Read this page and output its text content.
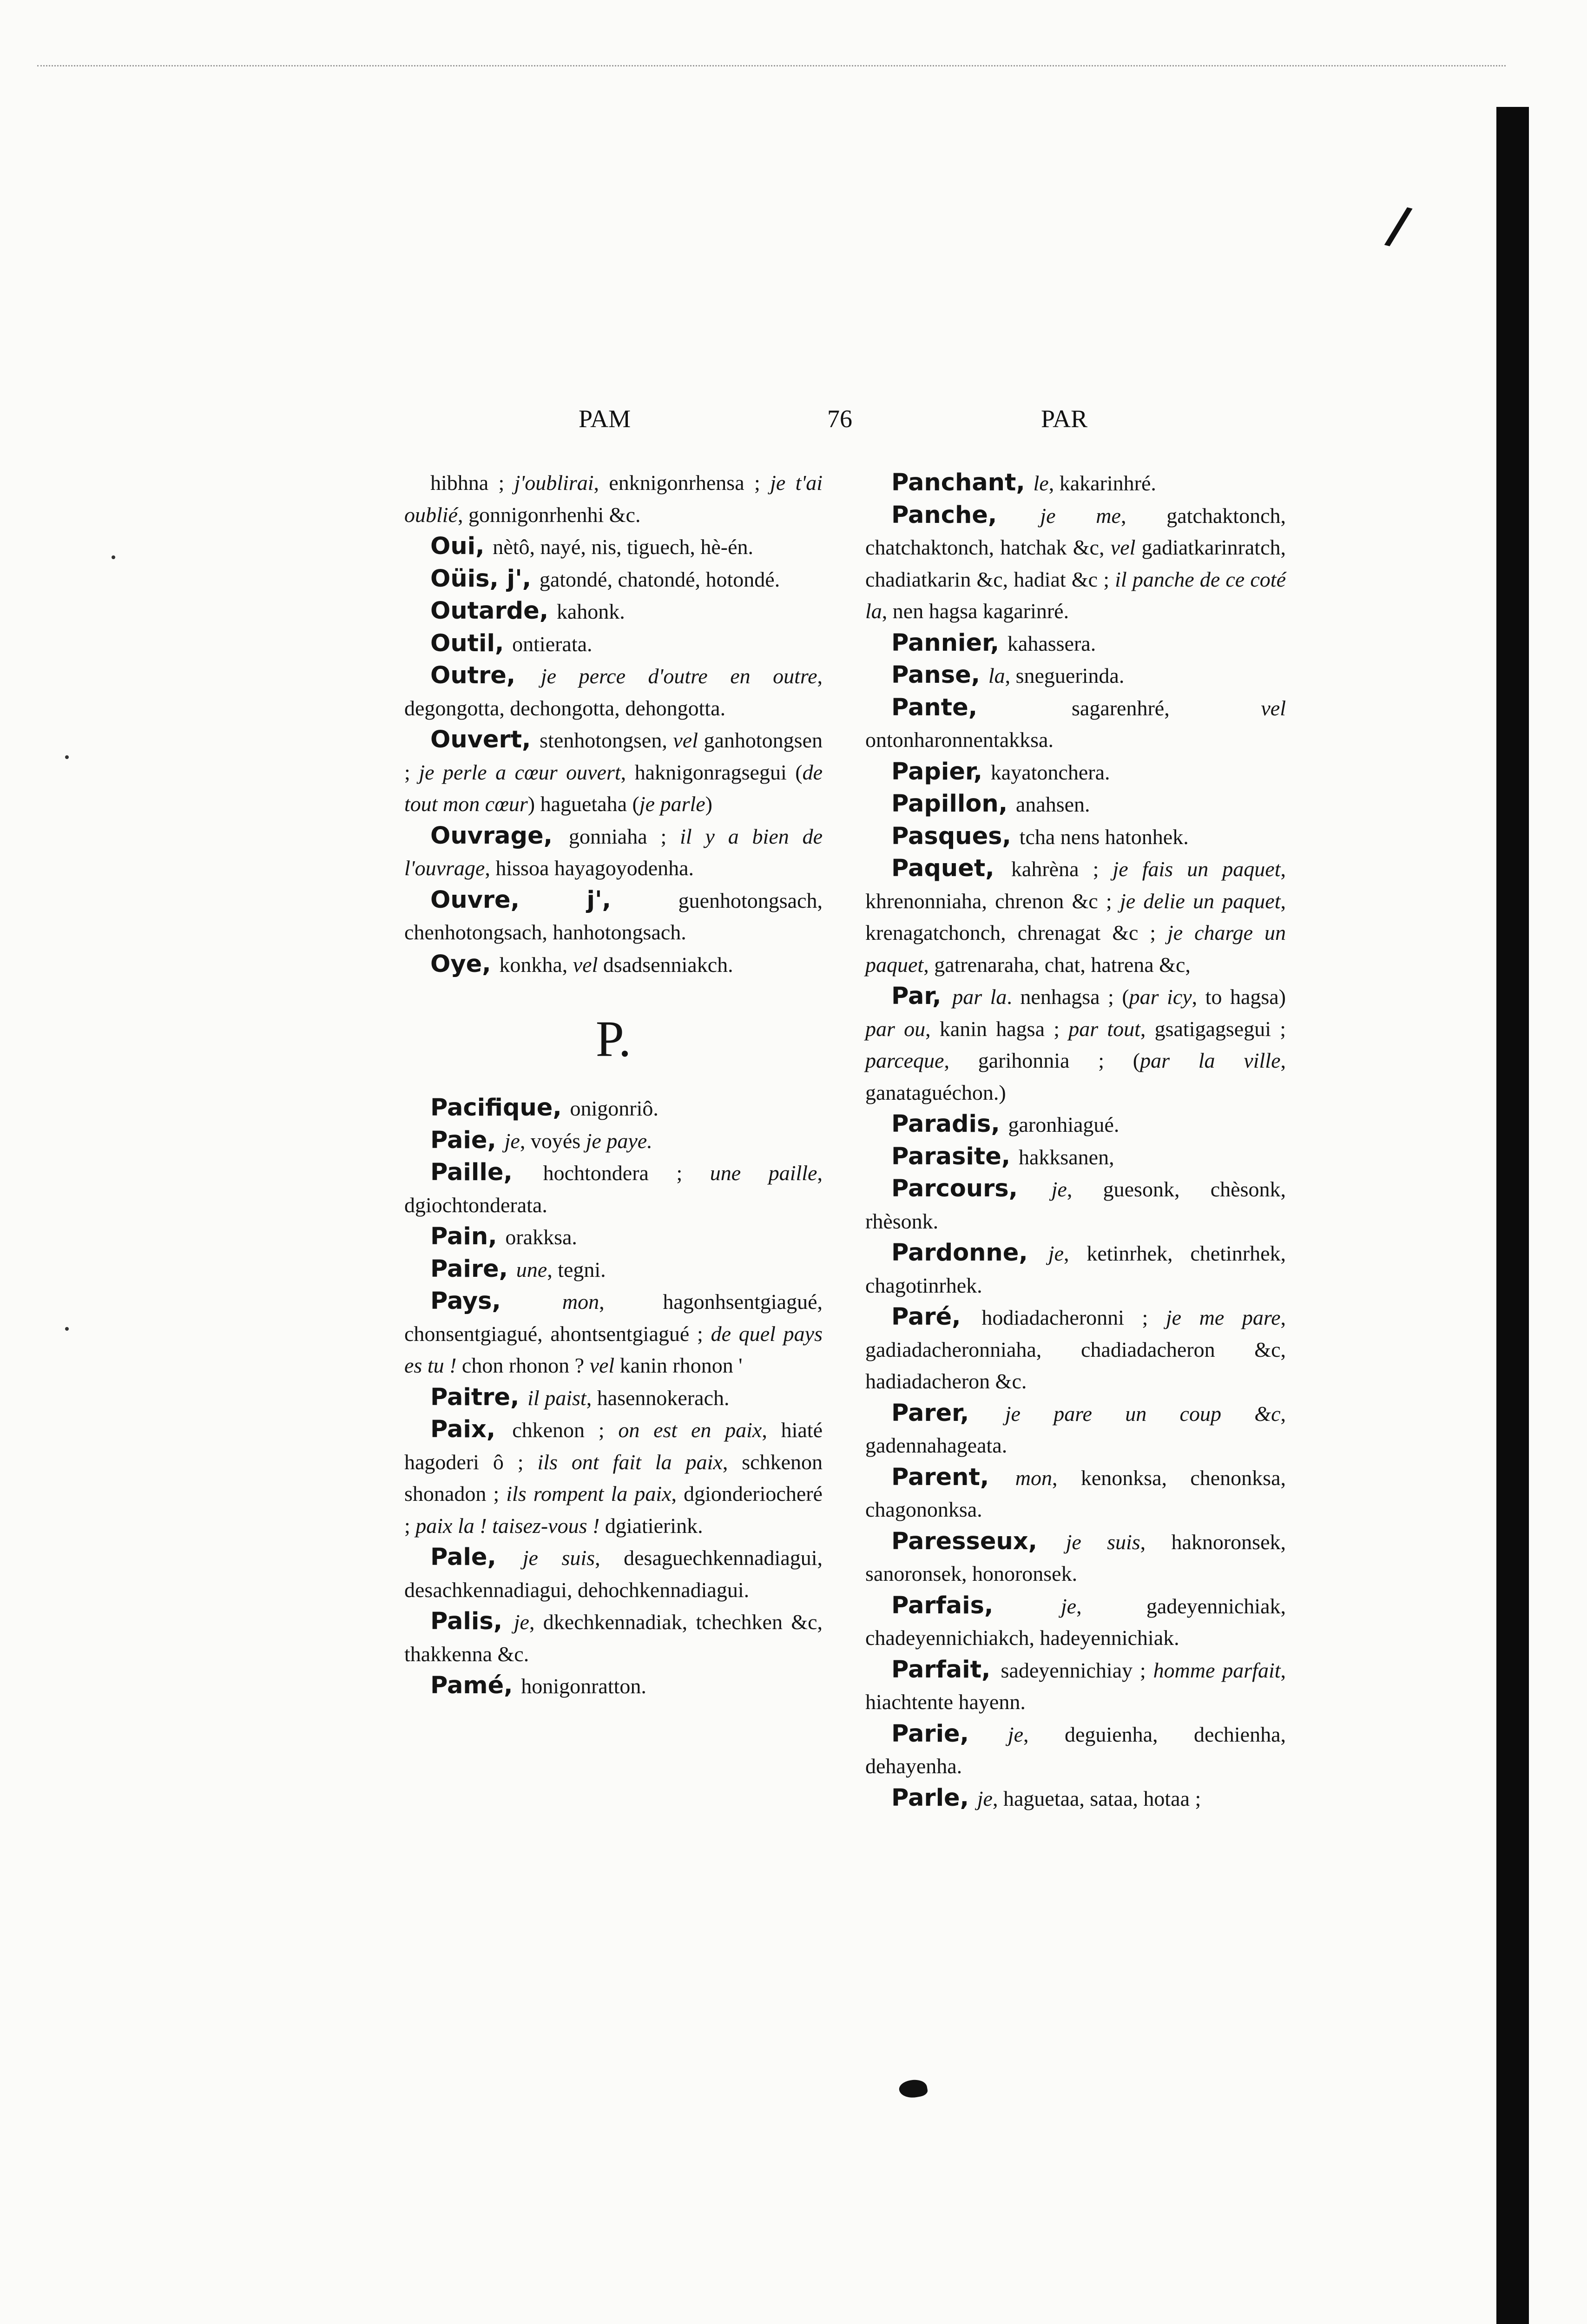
/
PAM	76	PAR

hibhna ; j'oublirai, enknigonrhensa ; je t'ai oublié, gonnigonrhenhi &c.

Oui, nètô, nayé, nis, tiguech, hè-én.

Oüis, j', gatondé, chatondé, hotondé.

Outarde, kahonk.

Outil, ontierata.

Outre, je perce d'outre en outre, degongotta, dechongotta, dehongotta.

Ouvert, stenhotongsen, vel ganhotongsen ; je perle a cœur ouvert, haknigonragsegui (de tout mon cœur) haguetaha (je parle)

Ouvrage, gonniaha ; il y a bien de l'ouvrage, hissoa hayagoyodenha.

Ouvre, j', guenhotongsach, chenhotongsach, hanhotongsach.

Oye, konkha, vel dsadsenniakch.

P.

Pacifique, onigonriô.

Paie, je, voyés je paye.

Paille, hochtondera ; une paille, dgiochtonderata.

Pain, orakksa.

Paire, une, tegni.

Pays, mon, hagonhsentgiagué, chonsentgiagué, ahontsentgiagué ; de quel pays es tu ! chon rhonon ? vel kanin rhonon '

Paitre, il paist, hasennokerach.

Paix, chkenon ; on est en paix, hiaté hagoderi ô ; ils ont fait la paix, schkenon shonadon ; ils rompent la paix, dgionderiocheré ; paix la ! taisez-vous ! dgiatierink.

Pale, je suis, desaguechkennadiagui, desachkennadiagui, dehochkennadiagui.

Palis, je, dkechkennadiak, tchechken &c, thakkenna &c.

Pamé, honigonratton.

Panchant, le, kakarinhré.

Panche, je me, gatchaktonch, chatchaktonch, hatchak &c, vel gadiatkarinratch, chadiatkarin &c, hadiat &c ; il panche de ce coté la, nen hagsa kagarinré.

Pannier, kahassera.

Panse, la, sneguerinda.

Pante, sagarenhré, vel ontonharonnentakksa.

Papier, kayatonchera.

Papillon, anahsen.

Pasques, tcha nens hatonhek.

Paquet, kahrèna ; je fais un paquet, khrenonniaha, chrenon &c ; je delie un paquet, krenagatchonch, chrenagat &c ; je charge un paquet, gatrenaraha, chat, hatrena &c,

Par, par la. nenhagsa ; (par icy, to hagsa) par ou, kanin hagsa ; par tout, gsatigagsegui ; parceque, garihonnia ; (par la ville, ganataguéchon.)

Paradis, garonhiagué.

Parasite, hakksanen,

Parcours, je, guesonk, chèsonk, rhèsonk.

Pardonne, je, ketinrhek, chetinrhek, chagotinrhek.

Paré, hodiadacheronni ; je me pare, gadiadacheronniaha, chadiadacheron &c, hadiadacheron &c.

Parer, je pare un coup &c, gadennahageata.

Parent, mon, kenonksa, chenonksa, chagononksa.

Paresseux, je suis, haknoronsek, sanoronsek, honoronsek.

Parfais, je, gadeyennichiak, chadeyennichiakch, hadeyennichiak.

Parfait, sadeyennichiay ; homme parfait, hiachtente hayenn.

Parie, je, deguienha, dechienha, dehayenha.

Parle, je, haguetaa, sataa, hotaa ;
